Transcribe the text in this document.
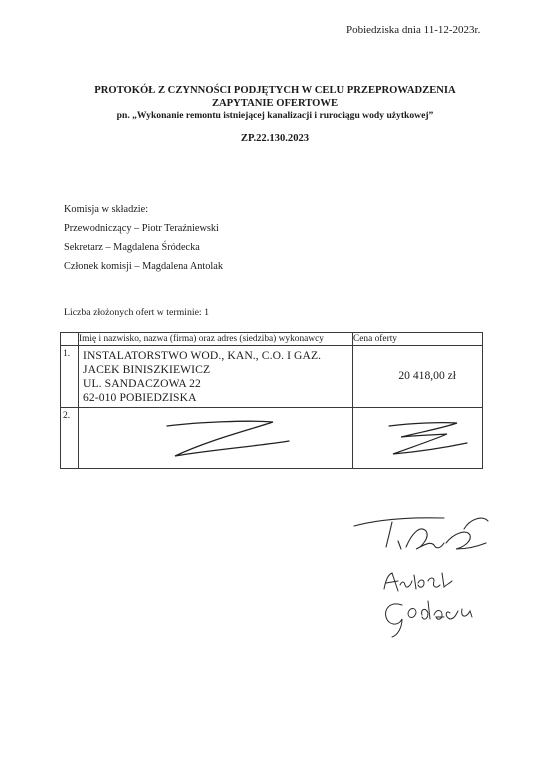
Pobiedziska dnia 11-12-2023r.
PROTOKÓŁ Z CZYNNOŚCI PODJĘTYCH W CELU PRZEPROWADZENIA
ZAPYTANIE OFERTOWE
pn. „Wykonanie remontu istniejącej kanalizacji i rurociągu wody użytkowej”
ZP.22.130.2023
Komisja w składzie:
Przewodniczący – Piotr Teraźniewski
Sekretarz – Magdalena Śródecka
Członek komisji – Magdalena Antolak
Liczba złożonych ofert w terminie: 1
	Imię i nazwisko, nazwa (firma) oraz adres (siedziba) wykonawcy	Cena oferty
1.	INSTALATORSTWO WOD., KAN., C.O. I GAZ.
JACEK BINISZKIEWICZ
UL. SANDACZOWA 22
62-010 POBIEDZISKA	20 418,00 zł
2.	
